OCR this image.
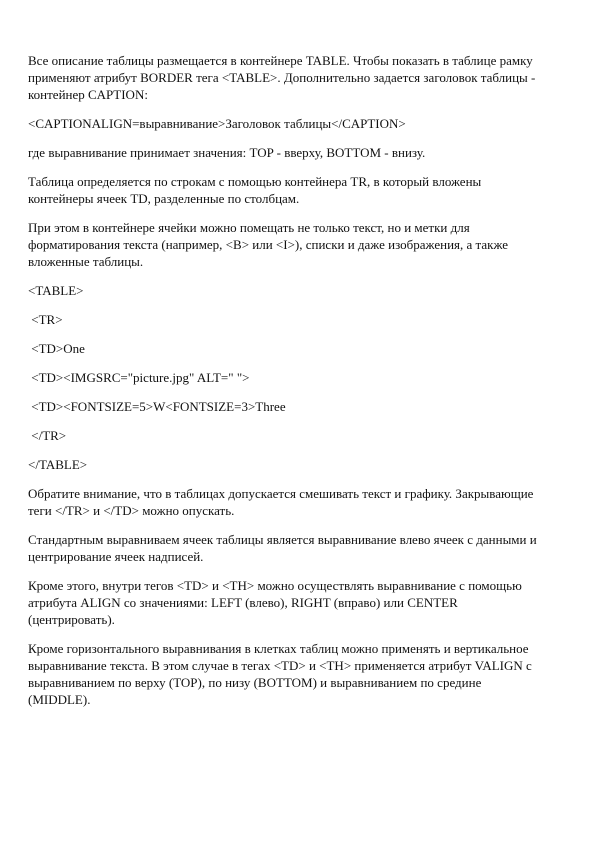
Все описание таблицы размещается в контейнере TABLE. Чтобы показать в таблице рамку
применяют атрибут BORDER тега <TABLE>. Дополнительно задается заголовок таблицы -
контейнер CAPTION:
<CAPTIONALIGN=выравнивание>Заголовок таблицы</CAPTION>
где выравнивание принимает значения: TOP - вверху, BOTTOM - внизу.
Таблица определяется по строкам с помощью контейнера TR, в который вложены
контейнеры ячеек TD, разделенные по столбцам.
При этом в контейнере ячейки можно помещать не только текст, но и метки для
форматирования текста (например, <B> или <I>), списки и даже изображения, а также
вложенные таблицы.
<TABLE>
<TR>
<TD>One
<TD><IMGSRC="picture.jpg" ALT=" ">
<TD><FONTSIZE=5>W<FONTSIZE=3>Three
</TR>
</TABLE>
Обратите внимание, что в таблицах допускается смешивать текст и графику. Закрывающие
теги </TR> и </TD> можно опускать.
Стандартным выравниваем ячеек таблицы является выравнивание влево ячеек с данными и
центрирование ячеек надписей.
Кроме этого, внутри тегов <TD> и <TH> можно осуществлять выравнивание с помощью
атрибута ALIGN со значениями: LEFT (влево), RIGHT (вправо) или CENTER
(центрировать).
Кроме горизонтального выравнивания в клетках таблиц можно применять и вертикальное
выравнивание текста. В этом случае в тегах <TD> и <TH> применяется атрибут VALIGN с
выравниванием по верху (TOP), по низу (BOTTOM) и выравниванием по средине
(MIDDLE).
